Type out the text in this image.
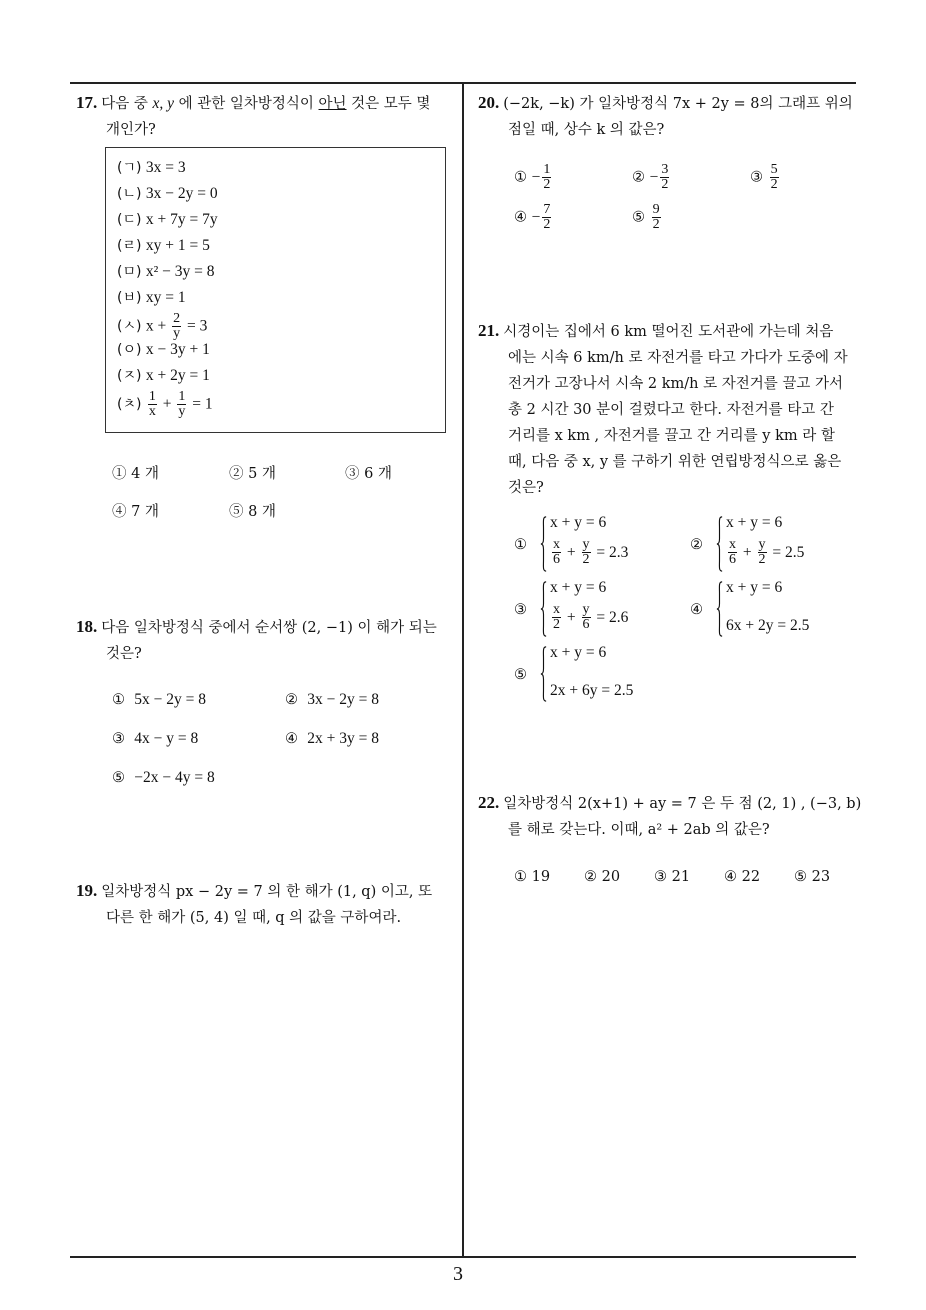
17. 다음 중 x, y 에 관한 일차방정식이 아닌 것은 모두 몇
개인가?
(ㄱ) 3x = 3
(ㄴ) 3x − 2y = 0
(ㄷ) x + 7y = 7y
(ㄹ) xy + 1 = 5
(ㅁ) x² − 3y = 8
(ㅂ) xy = 1
(ㅅ) $x + \frac{2}{y} = 3$
(ㅇ) x − 3y + 1
(ㅈ) x + 2y = 1
(ㅊ) $\frac{1}{x} + \frac{1}{y} = 1$
① 4 개	② 5 개	③ 6 개
④ 7 개	⑤ 8 개
18. 다음 일차방정식 중에서 순서쌍 (2, −1) 이 해가 되는
것은?
① 5x − 2y = 8	② 3x − 2y = 8
③ 4x − y = 8	④ 2x + 3y = 8
⑤ −2x − 4y = 8
19. 일차방정식 px − 2y = 7 의 한 해가 (1, q) 이고, 또
다른 한 해가 (5, 4) 일 때, q 의 값을 구하여라.
20. (−2k, −k) 가 일차방정식 7x + 2y = 8의 그래프 위의
점일 때, 상수 k 의 값은?
① − $\frac{1}{2}$	② − $\frac{3}{2}$	③ $\frac{5}{2}$
④ − $\frac{7}{2}$	⑤ $\frac{9}{2}$
21. 시경이는 집에서 6 km 떨어진 도서관에 가는데 처음
에는 시속 6 km/h 로 자전거를 타고 가다가 도중에 자
전거가 고장나서 시속 2 km/h 로 자전거를 끌고 가서
총 2 시간 30 분이 걸렸다고 한다. 자전거를 타고 간
거리를 x km , 자전거를 끌고 간 거리를 y km 라 할
때, 다음 중 x, y 를 구하기 위한 연립방정식으로 옳은
것은?
①
x + y = 6
$\frac{x}{6} + \frac{y}{2} = 2.3$	②
x + y = 6
$\frac{x}{6} + \frac{y}{2} = 2.5$
③
x + y = 6
$\frac{x}{2} + \frac{y}{6} = 2.6$	④
x + y = 6
6x + 2y = 2.5
⑤
x + y = 6
2x + 6y = 2.5
22. 일차방정식 2(x+1) + ay = 7 은 두 점 (2, 1) , (−3, b)
를 해로 갖는다. 이때, a² + 2ab 의 값은?
① 19 ② 20 ③ 21 ④ 22 ⑤ 23
3
